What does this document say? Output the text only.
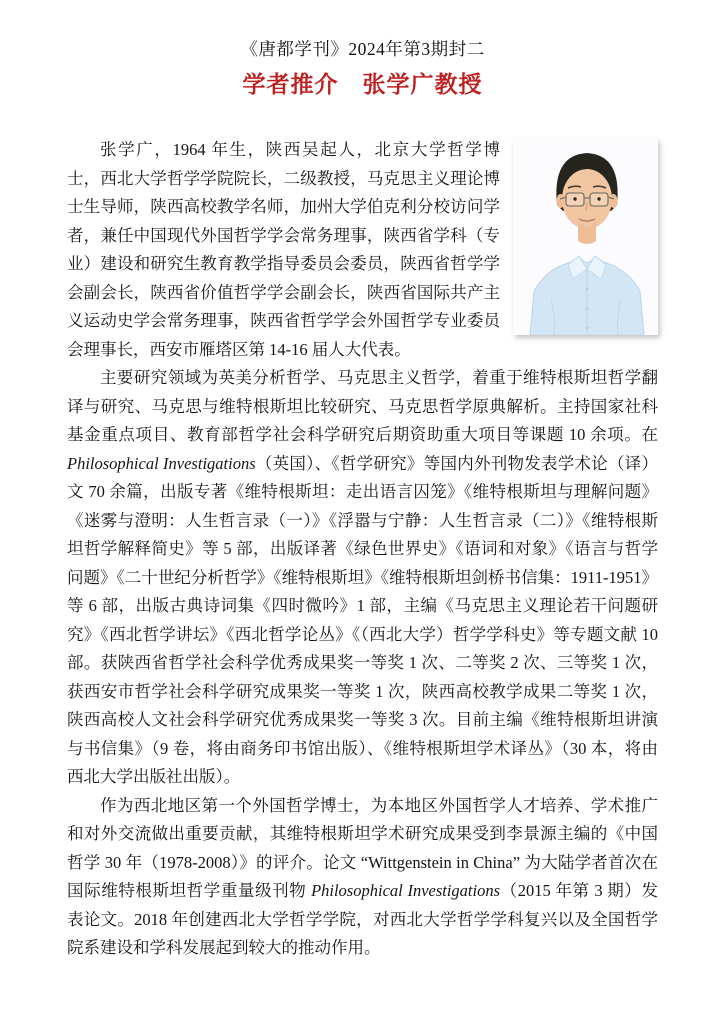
《唐都学刊》2024年第3期封二
学者推介　张学广教授

张学广，1964 年生，陕西吴起人，北京大学哲学博士，西北大学哲学学院院长，二级教授，马克思主义理论博士生导师，陕西高校教学名师，加州大学伯克利分校访问学者，兼任中国现代外国哲学学会常务理事，陕西省学科（专业）建设和研究生教育教学指导委员会委员，陕西省哲学学会副会长，陕西省价值哲学学会副会长，陕西省国际共产主义运动史学会常务理事，陕西省哲学学会外国哲学专业委员会理事长，西安市雁塔区第 14-16 届人大代表。

主要研究领域为英美分析哲学、马克思主义哲学，着重于维特根斯坦哲学翻译与研究、马克思与维特根斯坦比较研究、马克思哲学原典解析。主持国家社科基金重点项目、教育部哲学社会科学研究后期资助重大项目等课题 10 余项。在 Philosophical Investigations（英国）、《哲学研究》等国内外刊物发表学术论（译）文 70 余篇，出版专著《维特根斯坦：走出语言囚笼》《维特根斯坦与理解问题》《迷雾与澄明：人生哲言录（一）》《浮嚣与宁静：人生哲言录（二）》《维特根斯坦哲学解释简史》等 5 部，出版译著《绿色世界史》《语词和对象》《语言与哲学问题》《二十世纪分析哲学》《维特根斯坦》《维特根斯坦剑桥书信集：1911-1951》等 6 部，出版古典诗词集《四时微吟》1 部，主编《马克思主义理论若干问题研究》《西北哲学讲坛》《西北哲学论丛》《（西北大学）哲学学科史》等专题文献 10 部。获陕西省哲学社会科学优秀成果奖一等奖 1 次、二等奖 2 次、三等奖 1 次，获西安市哲学社会科学研究成果奖一等奖 1 次，陕西高校教学成果二等奖 1 次，陕西高校人文社会科学研究优秀成果奖一等奖 3 次。目前主编《维特根斯坦讲演与书信集》（9 卷，将由商务印书馆出版）、《维特根斯坦学术译丛》（30 本，将由西北大学出版社出版）。

作为西北地区第一个外国哲学博士，为本地区外国哲学人才培养、学术推广和对外交流做出重要贡献，其维特根斯坦学术研究成果受到李景源主编的《中国哲学 30 年（1978-2008）》的评介。论文 “Wittgenstein in China” 为大陆学者首次在国际维特根斯坦哲学重量级刊物 Philosophical Investigations（2015 年第 3 期）发表论文。2018 年创建西北大学哲学学院，对西北大学哲学学科复兴以及全国哲学院系建设和学科发展起到较大的推动作用。
